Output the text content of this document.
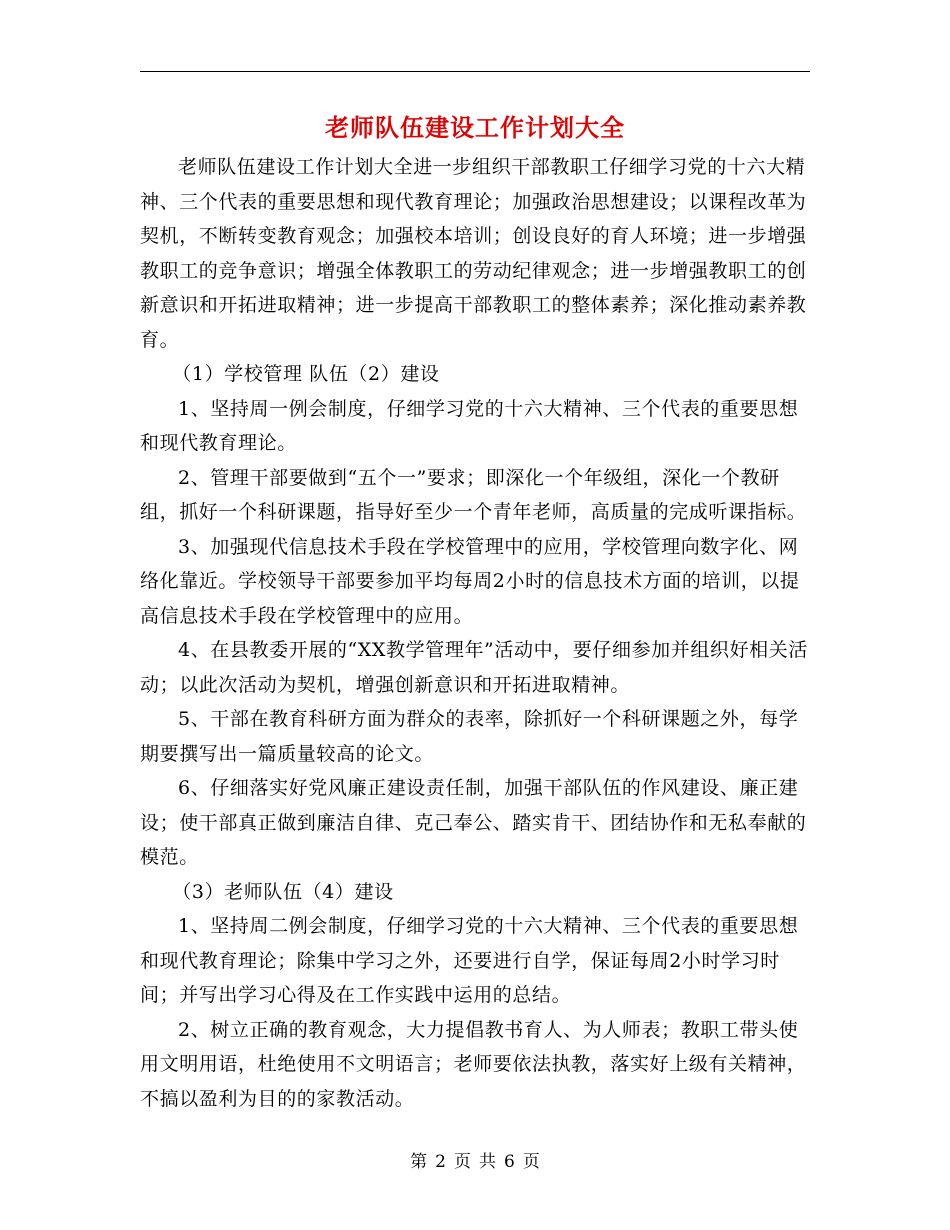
老师队伍建设工作计划大全

老师队伍建设工作计划大全进一步组织干部教职工仔细学习党的十六大精神、三个代表的重要思想和现代教育理论；加强政治思想建设；以课程改革为契机，不断转变教育观念；加强校本培训；创设良好的育人环境；进一步增强教职工的竞争意识；增强全体教职工的劳动纪律观念；进一步增强教职工的创新意识和开拓进取精神；进一步提高干部教职工的整体素养；深化推动素养教育。

（1）学校管理 队伍（2）建设

1、坚持周一例会制度，仔细学习党的十六大精神、三个代表的重要思想和现代教育理论。

2、管理干部要做到“五个一”要求；即深化一个年级组，深化一个教研组，抓好一个科研课题，指导好至少一个青年老师，高质量的完成听课指标。

3、加强现代信息技术手段在学校管理中的应用，学校管理向数字化、网络化靠近。学校领导干部要参加平均每周2小时的信息技术方面的培训，以提高信息技术手段在学校管理中的应用。

4、在县教委开展的“XX教学管理年”活动中，要仔细参加并组织好相关活动；以此次活动为契机，增强创新意识和开拓进取精神。

5、干部在教育科研方面为群众的表率，除抓好一个科研课题之外，每学期要撰写出一篇质量较高的论文。

6、仔细落实好党风廉正建设责任制，加强干部队伍的作风建设、廉正建设；使干部真正做到廉洁自律、克己奉公、踏实肯干、团结协作和无私奉献的模范。

（3）老师队伍（4）建设

1、坚持周二例会制度，仔细学习党的十六大精神、三个代表的重要思想和现代教育理论；除集中学习之外，还要进行自学，保证每周2小时学习时间；并写出学习心得及在工作实践中运用的总结。

2、树立正确的教育观念，大力提倡教书育人、为人师表；教职工带头使用文明用语，杜绝使用不文明语言；老师要依法执教，落实好上级有关精神，不搞以盈利为目的的家教活动。

第 2 页 共 6 页
